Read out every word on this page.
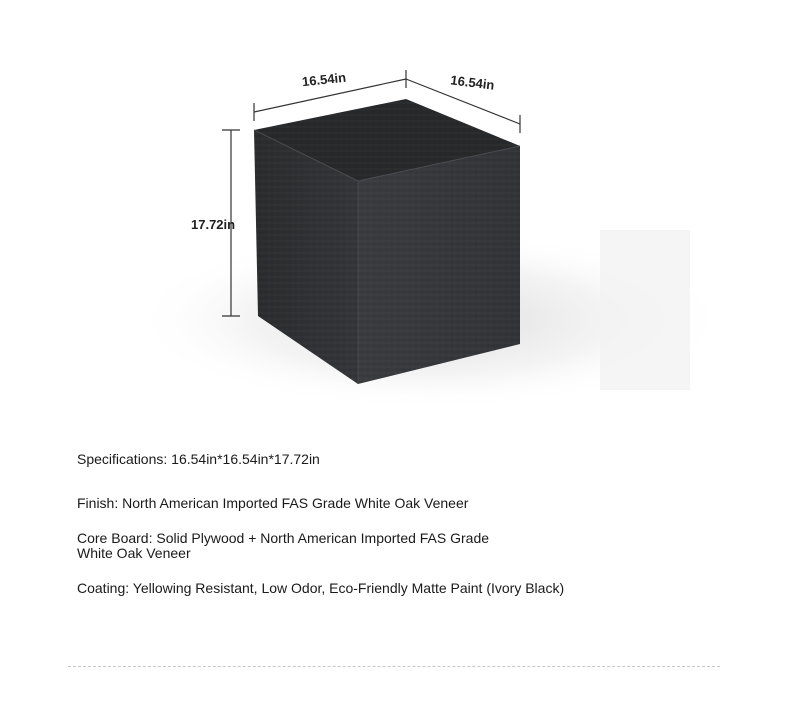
16.54in	16.54in
17.72in

Specifications: 16.54in*16.54in*17.72in

Finish: North American Imported FAS Grade White Oak Veneer

Core Board: Solid Plywood + North American Imported FAS Grade White Oak Veneer

Coating: Yellowing Resistant, Low Odor, Eco-Friendly Matte Paint (Ivory Black)
